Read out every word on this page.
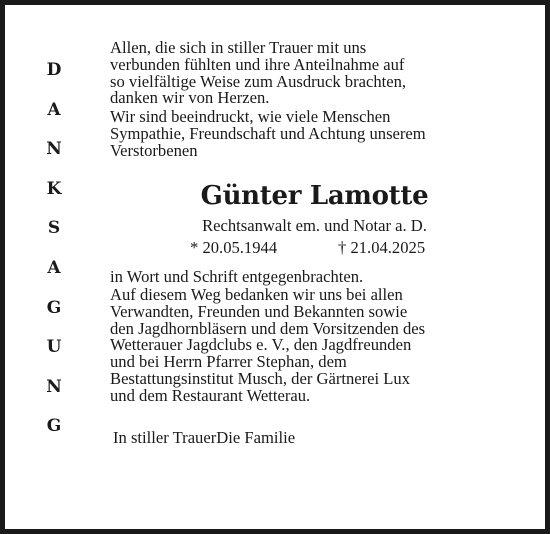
D
A
N
K
S
A
G
U
N
G

Allen, die sich in stiller Trauer mit uns
verbunden fühlten und ihre Anteilnahme auf
so vielfältige Weise zum Ausdruck brachten,
danken wir von Herzen.

Wir sind beeindruckt, wie viele Menschen
Sympathie, Freundschaft und Achtung unserem
Verstorbenen

Günter Lamotte
Rechtsanwalt em. und Notar a. D.
* 20.05.1944	† 21.04.2025

in Wort und Schrift entgegenbrachten.

Auf diesem Weg bedanken wir uns bei allen
Verwandten, Freunden und Bekannten sowie
den Jagdhornbläsern und dem Vorsitzenden des
Wetterauer Jagdclubs e. V., den Jagdfreunden
und bei Herrn Pfarrer Stephan, dem
Bestattungsinstitut Musch, der Gärtnerei Lux
und dem Restaurant Wetterau.

In stiller TrauerDie Familie
